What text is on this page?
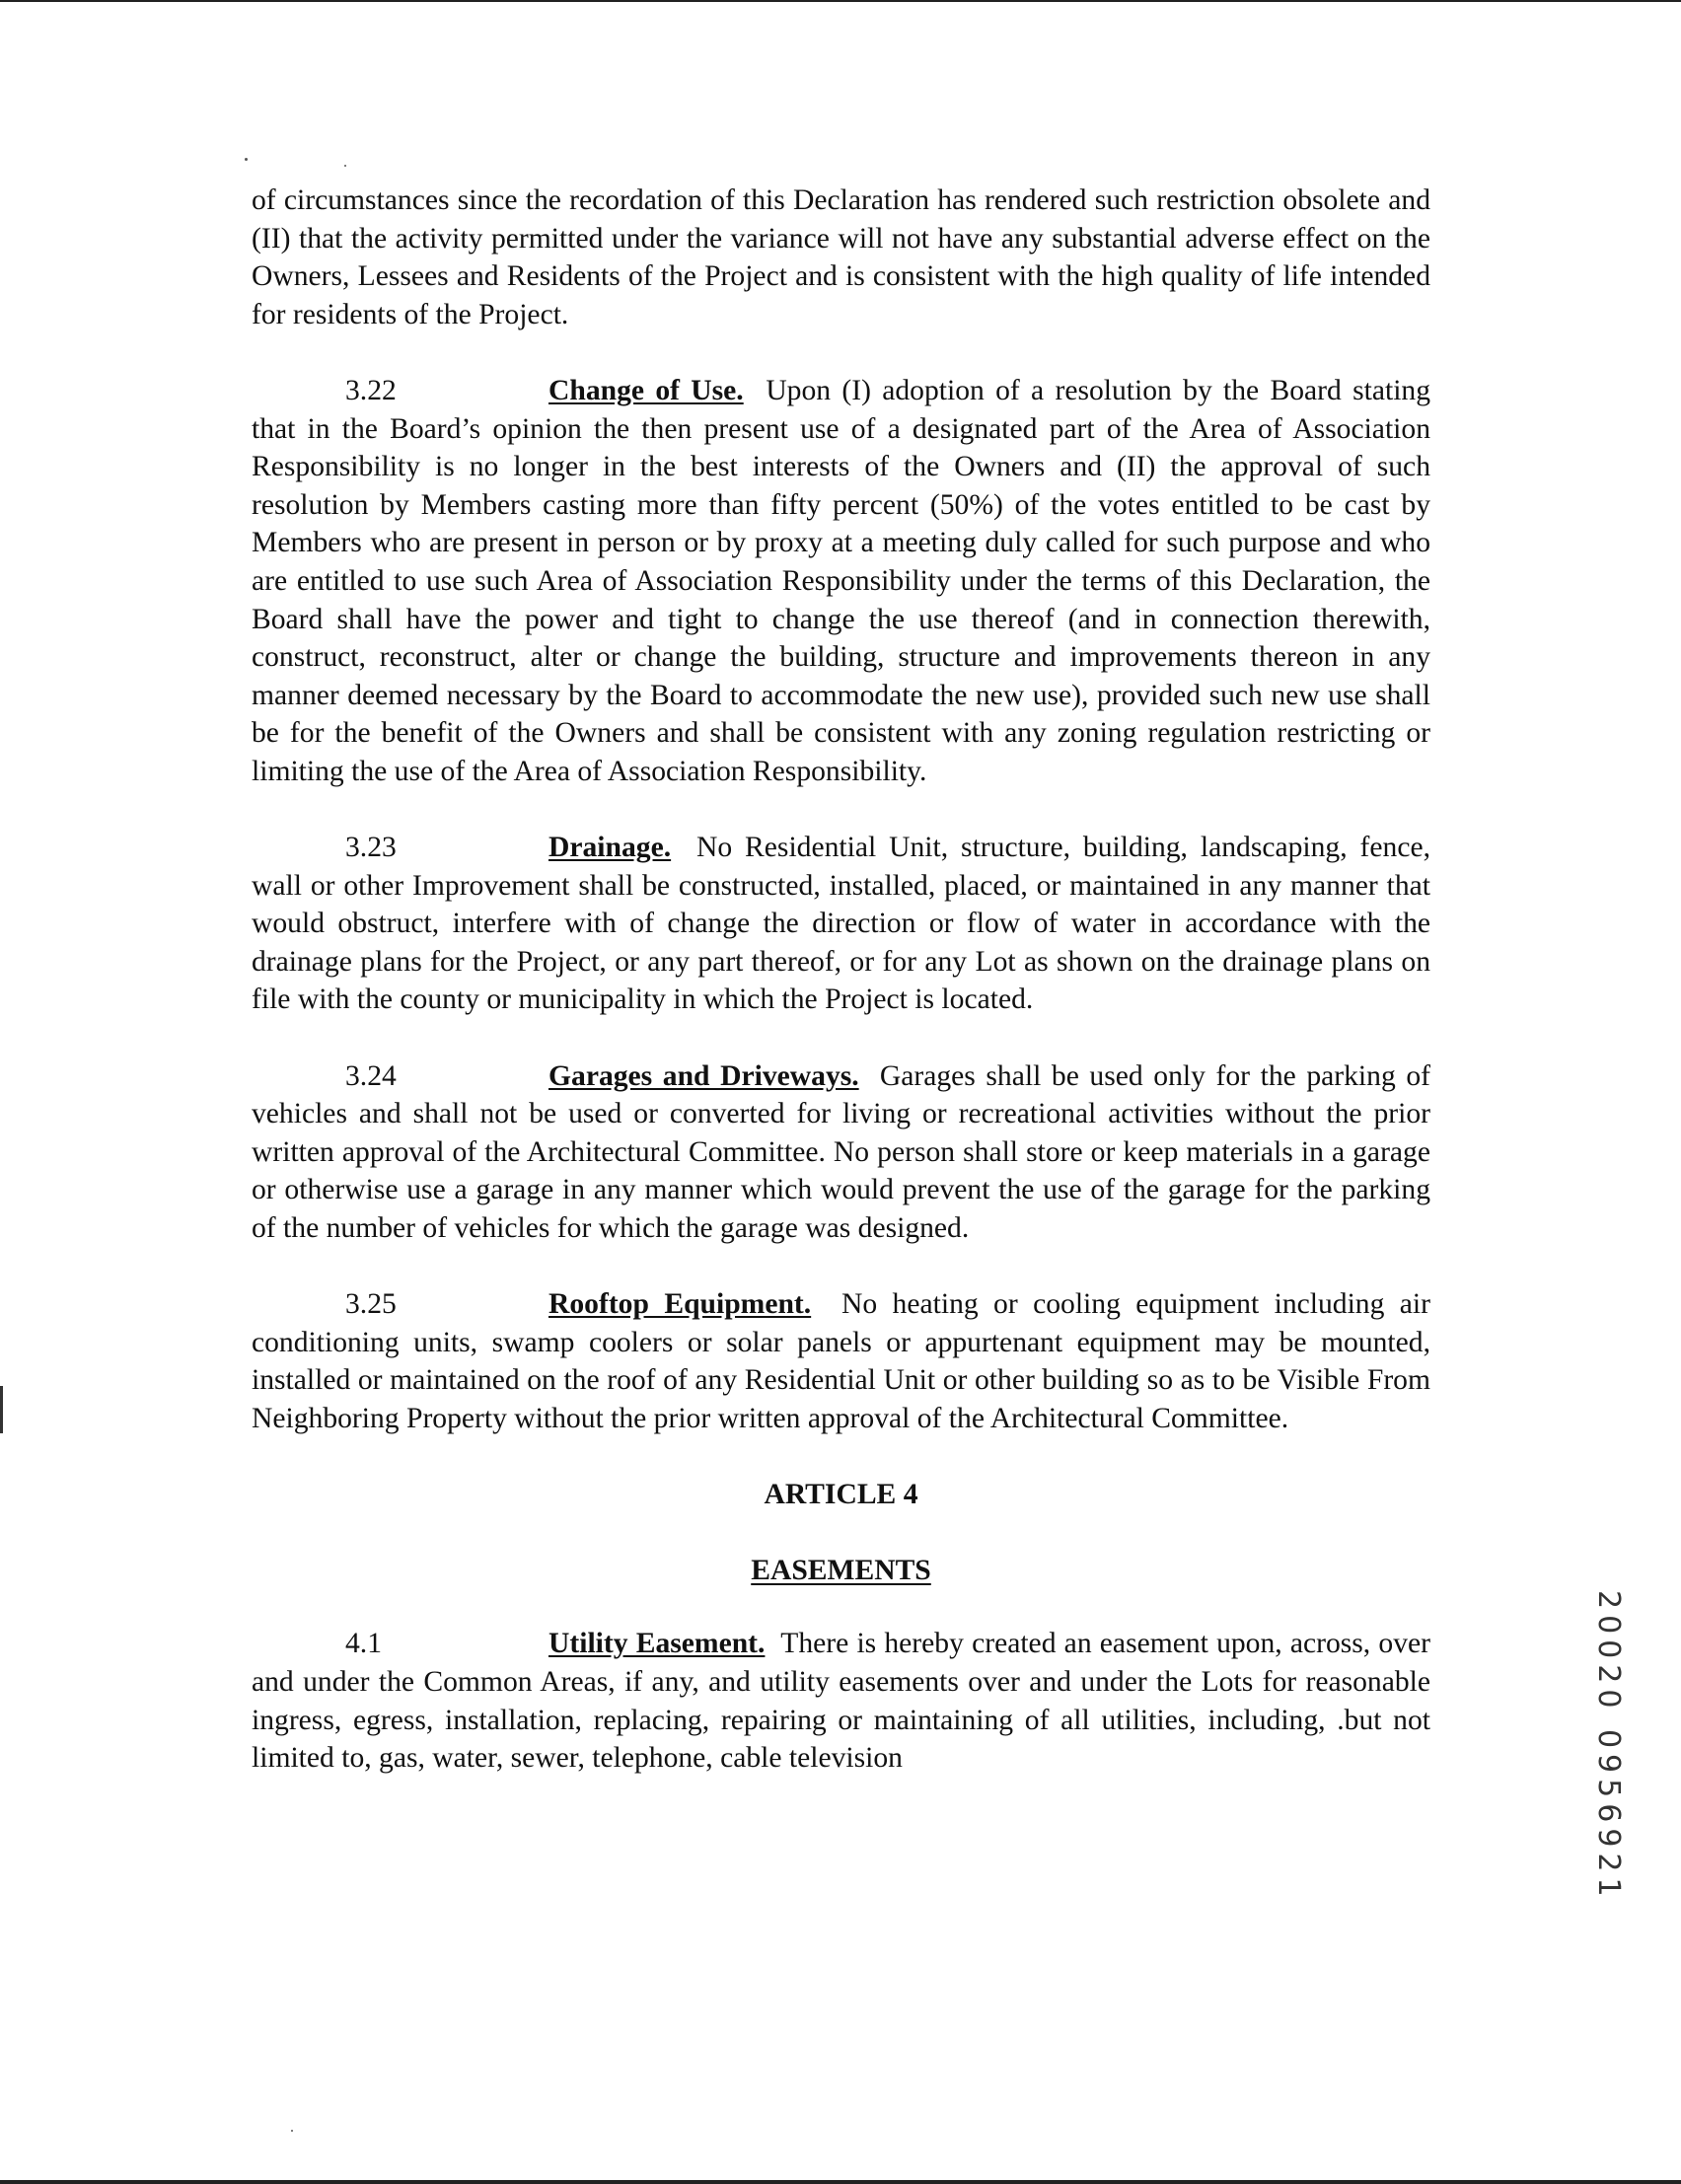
of circumstances since the recordation of this Declaration has rendered such restriction obsolete and (II) that the activity permitted under the variance will not have any substantial adverse effect on the Owners, Lessees and Residents of the Project and is consistent with the high quality of life intended for residents of the Project.

3.22	Change of Use. Upon (I) adoption of a resolution by the Board stating that in the Board’s opinion the then present use of a designated part of the Area of Association Responsibility is no longer in the best interests of the Owners and (II) the approval of such resolution by Members casting more than fifty percent (50%) of the votes entitled to be cast by Members who are present in person or by proxy at a meeting duly called for such purpose and who are entitled to use such Area of Association Responsibility under the terms of this Declaration, the Board shall have the power and tight to change the use thereof (and in connection therewith, construct, reconstruct, alter or change the building, structure and improvements thereon in any manner deemed necessary by the Board to accommodate the new use), provided such new use shall be for the benefit of the Owners and shall be consistent with any zoning regulation restricting or limiting the use of the Area of Association Responsibility.

3.23	Drainage. No Residential Unit, structure, building, landscaping, fence, wall or other Improvement shall be constructed, installed, placed, or maintained in any manner that would obstruct, interfere with of change the direction or flow of water in accordance with the drainage plans for the Project, or any part thereof, or for any Lot as shown on the drainage plans on file with the county or municipality in which the Project is located.

3.24	Garages and Driveways. Garages shall be used only for the parking of vehicles and shall not be used or converted for living or recreational activities without the prior written approval of the Architectural Committee. No person shall store or keep materials in a garage or otherwise use a garage in any manner which would prevent the use of the garage for the parking of the number of vehicles for which the garage was designed.

3.25	Rooftop Equipment. No heating or cooling equipment including air conditioning units, swamp coolers or solar panels or appurtenant equipment may be mounted, installed or maintained on the roof of any Residential Unit or other building so as to be Visible From Neighboring Property without the prior written approval of the Architectural Committee.

ARTICLE 4

EASEMENTS

4.1	Utility Easement. There is hereby created an easement upon, across, over and under the Common Areas, if any, and utility easements over and under the Lots for reasonable ingress, egress, installation, replacing, repairing or maintaining of all utilities, including, .but not limited to, gas, water, sewer, telephone, cable television	20020 0956921
